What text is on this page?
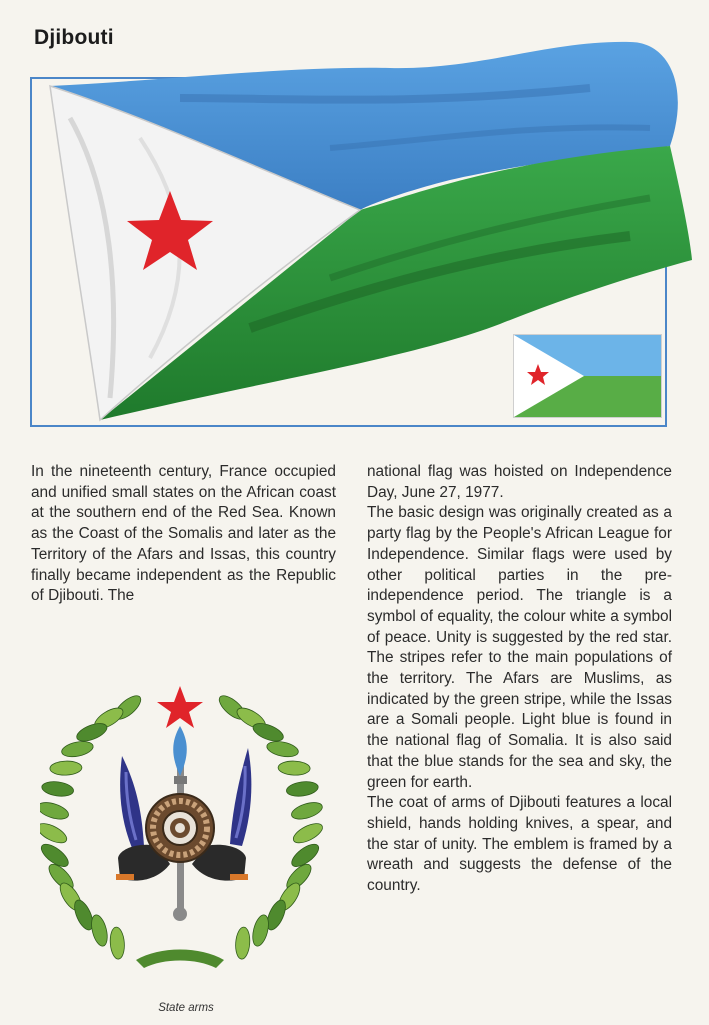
Djibouti

In the nineteenth century, France occupied and unified small states on the African coast at the southern end of the Red Sea. Known as the Coast of the Somalis and later as the Territory of the Afars and Issas, this country finally became independent as the Republic of Djibouti. The

national flag was hoisted on Independence Day, June 27, 1977.

The basic design was originally created as a party flag by the People's African League for Independence. Similar flags were used by other political parties in the pre-independence period. The triangle is a symbol of equality, the colour white a symbol of peace. Unity is suggested by the red star. The stripes refer to the main populations of the territory. The Afars are Muslims, as indicated by the green stripe, while the Issas are a Somali people. Light blue is found in the national flag of Somalia. It is also said that the blue stands for the sea and sky, the green for earth.

The coat of arms of Djibouti features a local shield, hands holding knives, a spear, and the star of unity. The emblem is framed by a wreath and suggests the defense of the country.

State arms
